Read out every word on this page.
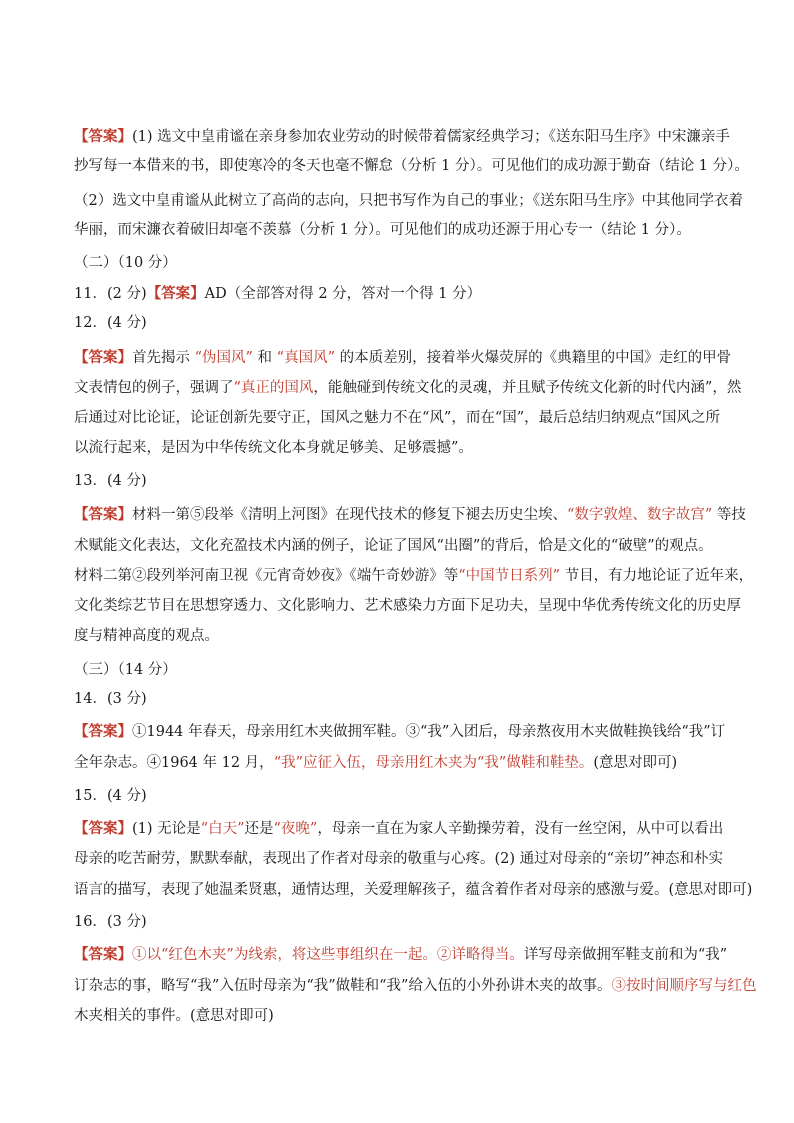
【答案】(1) 选文中皇甫谧在亲身参加农业劳动的时候带着儒家经典学习；《送东阳马生序》中宋濂亲手
抄写每一本借来的书，即使寒冷的冬天也毫不懈怠（分析 1 分）。可见他们的成功源于勤奋（结论 1 分）。
（2）选文中皇甫谧从此树立了高尚的志向，只把书写作为自己的事业；《送东阳马生序》中其他同学衣着
华丽，而宋濂衣着破旧却毫不羡慕（分析 1 分）。可见他们的成功还源于用心专一（结论 1 分）。
（二）（10 分）
11．(2 分)【答案】AD（全部答对得 2 分，答对一个得 1 分）
12．(4 分)
【答案】首先揭示 “伪国风” 和 “真国风” 的本质差别，接着举火爆荧屏的《典籍里的中国》走红的甲骨
文表情包的例子，强调了“真正的国风，能触碰到传统文化的灵魂，并且赋予传统文化新的时代内涵”，然
后通过对比论证，论证创新先要守正，国风之魅力不在“风”，而在“国”，最后总结归纳观点“国风之所
以流行起来，是因为中华传统文化本身就足够美、足够震撼”。
13．(4 分)
【答案】材料一第⑤段举《清明上河图》在现代技术的修复下褪去历史尘埃、“数字敦煌、数字故宫” 等技
术赋能文化表达，文化充盈技术内涵的例子，论证了国风“出圈”的背后，恰是文化的“破壁”的观点。
材料二第②段列举河南卫视《元宵奇妙夜》《端午奇妙游》等“中国节日系列” 节目，有力地论证了近年来，
文化类综艺节目在思想穿透力、文化影响力、艺术感染力方面下足功夫，呈现中华优秀传统文化的历史厚
度与精神高度的观点。
（三）（14 分）
14．(3 分)
【答案】①1944 年春天，母亲用红木夹做拥军鞋。③“我”入团后，母亲熬夜用木夹做鞋换钱给“我”订
全年杂志。④1964 年 12 月，“我”应征入伍，母亲用红木夹为“我”做鞋和鞋垫。(意思对即可)
15．(4 分)
【答案】(1) 无论是“白天”还是“夜晚”，母亲一直在为家人辛勤操劳着，没有一丝空闲，从中可以看出
母亲的吃苦耐劳，默默奉献，表现出了作者对母亲的敬重与心疼。(2) 通过对母亲的“亲切”神态和朴实
语言的描写，表现了她温柔贤惠，通情达理，关爱理解孩子，蕴含着作者对母亲的感激与爱。(意思对即可)
16．(3 分)
【答案】①以“红色木夹”为线索，将这些事组织在一起。②详略得当。详写母亲做拥军鞋支前和为“我”
订杂志的事，略写“我”入伍时母亲为“我”做鞋和“我”给入伍的小外孙讲木夹的故事。③按时间顺序写与红色
木夹相关的事件。(意思对即可)
